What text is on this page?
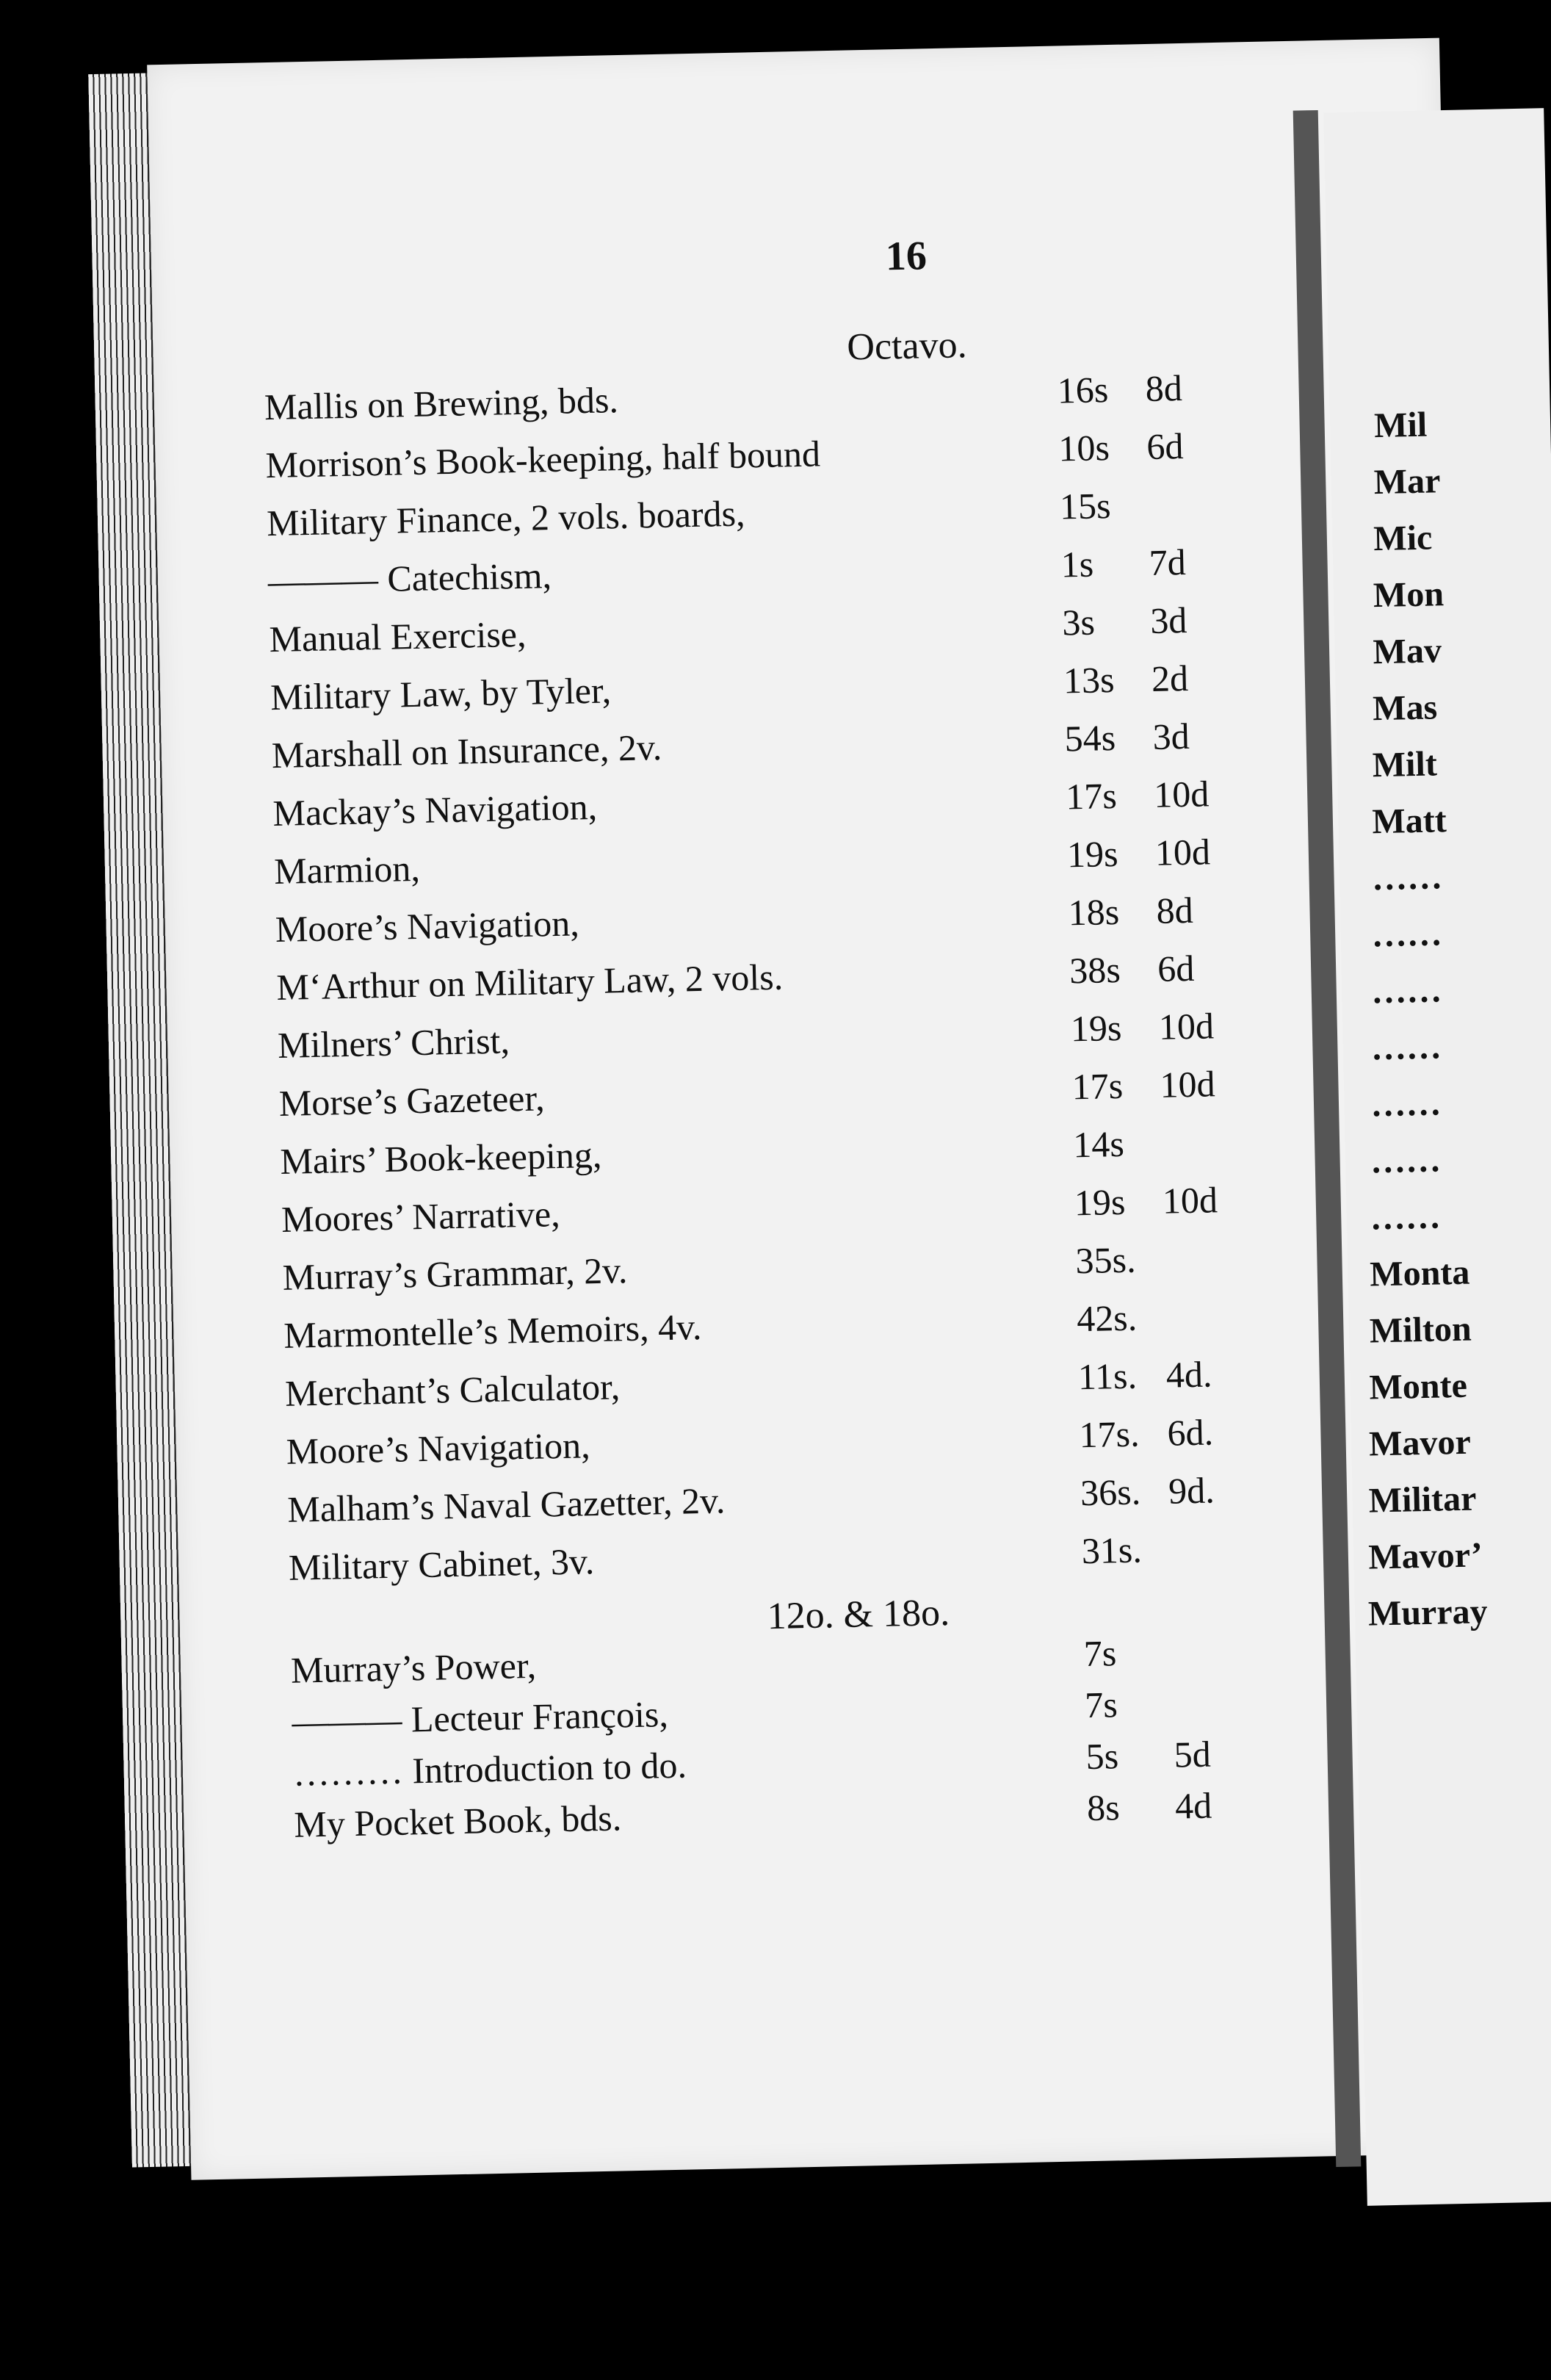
16
Octavo.
Mallis on Brewing, bds.	16s 8d
Morrison’s Book-keeping, half bound	10s 6d
Military Finance, 2 vols. boards,	15s
——— Catechism,	1s 7d
Manual Exercise,	3s 3d
Military Law, by Tyler,	13s 2d
Marshall on Insurance, 2v.	54s 3d
Mackay’s Navigation,	17s 10d
Marmion,	19s 10d
Moore’s Navigation,	18s 8d
M‘Arthur on Military Law, 2 vols.	38s 6d
Milners’ Christ,	19s 10d
Morse’s Gazeteer,	17s 10d
Mairs’ Book-keeping,	14s
Moores’ Narrative,	19s 10d
Murray’s Grammar, 2v.	35s.
Marmontelle’s Memoirs, 4v.	42s.
Merchant’s Calculator,	11s. 4d.
Moore’s Navigation,	17s. 6d.
Malham’s Naval Gazetter, 2v.	36s. 9d.
Military Cabinet, 3v.	31s.
12o. & 18o.
Murray’s Power,	7s
——— Lecteur François,	7s
……… Introduction to do.	5s 5d
My Pocket Book, bds.	8s 4d
Mil
Mar
Mic
Mon
Mav
Mas
Milt
Matt
……
……
……
……
……
……
……
Monta
Milton
Monte
Mavor
Militar
Mavor’
Murray
